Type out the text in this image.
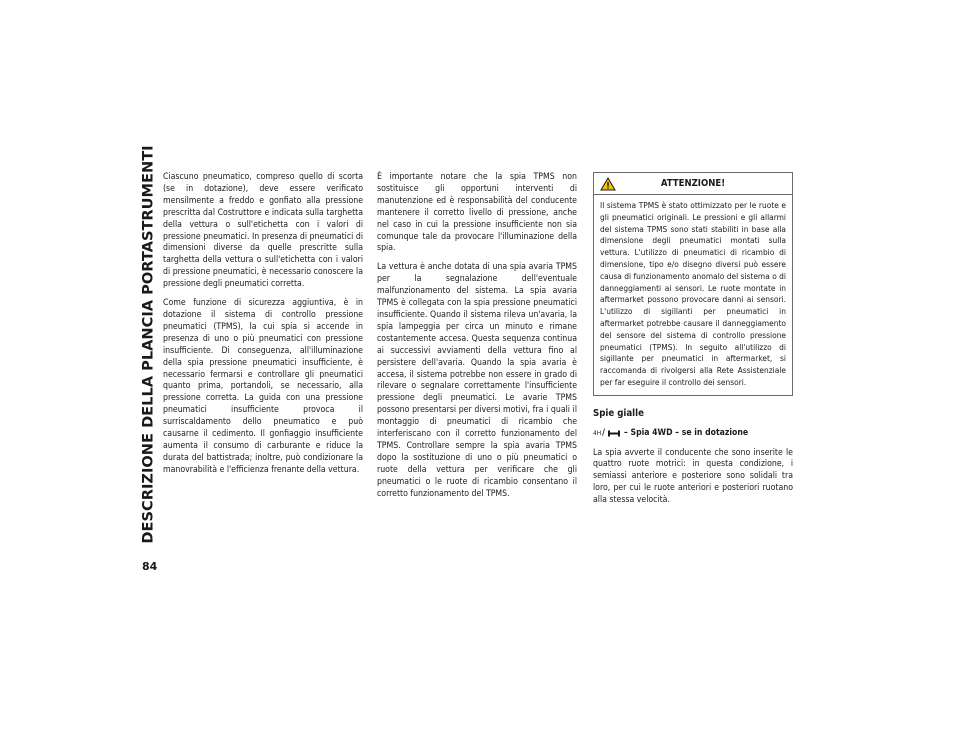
DESCRIZIONE DELLA PLANCIA PORTASTRUMENTI
84

Ciascuno pneumatico, compreso quello di scorta (se in dotazione), deve essere verificato mensilmente a freddo e gonfiato alla pressione prescritta dal Costruttore e indicata sulla targhetta della vettura o sull'etichetta con i valori di pressione pneumatici. In presenza di pneumatici di dimensioni diverse da quelle prescritte sulla targhetta della vettura o sull'etichetta con i valori di pressione pneumatici, è necessario conoscere la pressione degli pneumatici corretta.

Come funzione di sicurezza aggiuntiva, è in dotazione il sistema di controllo pressione pneumatici (TPMS), la cui spia si accende in presenza di uno o più pneumatici con pressione insufficiente. Di conseguenza, all'illuminazione della spia pressione pneumatici insufficiente, è necessario fermarsi e controllare gli pneumatici quanto prima, portandoli, se necessario, alla pressione corretta. La guida con una pressione pneumatici insufficiente provoca il surriscaldamento dello pneumatico e può causarne il cedimento. Il gonfiaggio insufficiente aumenta il consumo di carburante e riduce la durata del battistrada; inoltre, può condizionare la manovrabilità e l'efficienza frenante della vettura.

È importante notare che la spia TPMS non sostituisce gli opportuni interventi di manutenzione ed è responsabilità del conducente mantenere il corretto livello di pressione, anche nel caso in cui la pressione insufficiente non sia comunque tale da provocare l'illuminazione della spia.

La vettura è anche dotata di una spia avaria TPMS per la segnalazione dell'eventuale malfunzionamento del sistema. La spia avaria TPMS è collegata con la spia pressione pneumatici insufficiente. Quando il sistema rileva un'avaria, la spia lampeggia per circa un minuto e rimane costantemente accesa. Questa sequenza continua ai successivi avviamenti della vettura fino al persistere dell'avaria. Quando la spia avaria è accesa, il sistema potrebbe non essere in grado di rilevare o segnalare correttamente l'insufficiente pressione degli pneumatici. Le avarie TPMS possono presentarsi per diversi motivi, fra i quali il montaggio di pneumatici di ricambio che interferiscano con il corretto funzionamento del TPMS. Controllare sempre la spia avaria TPMS dopo la sostituzione di uno o più pneumatici o ruote della vettura per verificare che gli pneumatici o le ruote di ricambio consentano il corretto funzionamento del TPMS.

ATTENZIONE!
Il sistema TPMS è stato ottimizzato per le ruote e gli pneumatici originali. Le pressioni e gli allarmi del sistema TPMS sono stati stabiliti in base alla dimensione degli pneumatici montati sulla vettura. L'utilizzo di pneumatici di ricambio di dimensione, tipo e/o disegno diversi può essere causa di funzionamento anomalo del sistema o di danneggiamenti ai sensori. Le ruote montate in aftermarket possono provocare danni ai sensori. L'utilizzo di sigillanti per pneumatici in aftermarket potrebbe causare il danneggiamento del sensore del sistema di controllo pressione pneumatici (TPMS). In seguito all'utilizzo di sigillante per pneumatici in aftermarket, si raccomanda di rivolgersi alla Rete Assistenziale per far eseguire il controllo dei sensori.
Spie gialle
4H / – Spia 4WD – se in dotazione

La spia avverte il conducente che sono inserite le quattro ruote motrici: in questa condizione, i semiassi anteriore e posteriore sono solidali tra loro, per cui le ruote anteriori e posteriori ruotano alla stessa velocità.
